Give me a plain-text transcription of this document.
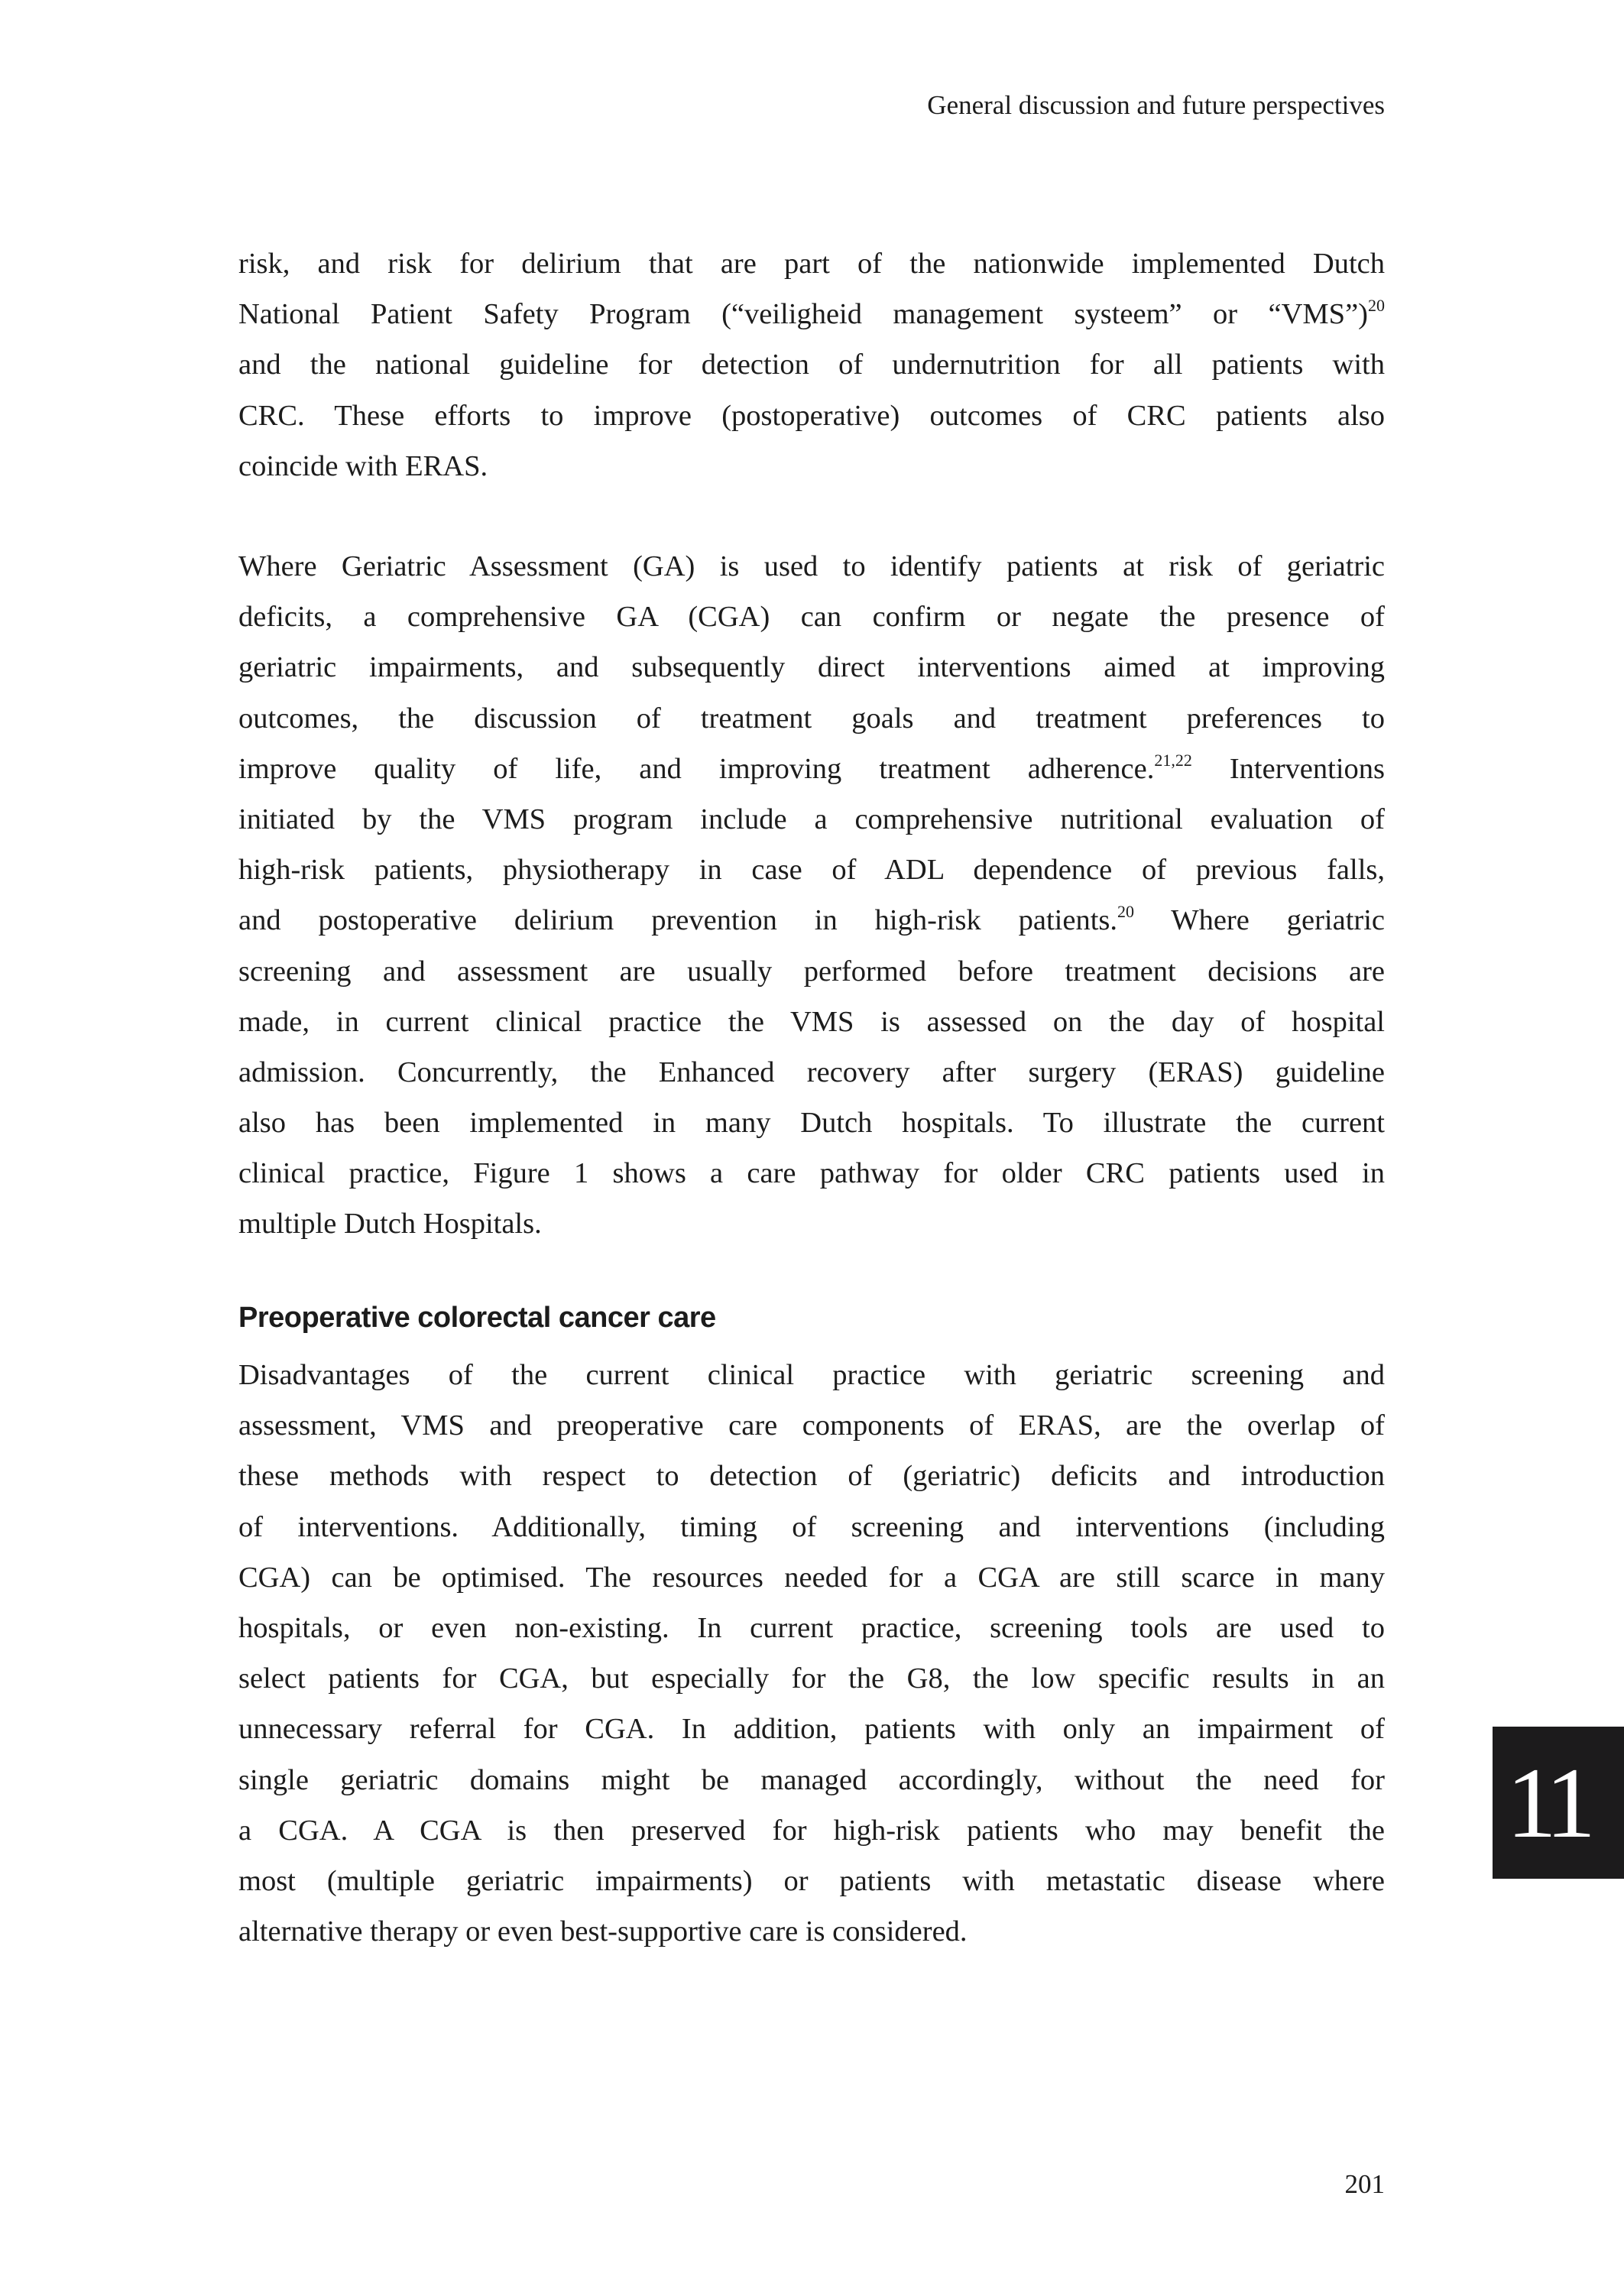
General discussion and future perspectives
risk, and risk for delirium that are part of the nationwide implemented Dutch
National Patient Safety Program (“veiligheid management systeem” or “VMS”)$^{20}$
and the national guideline for detection of undernutrition for all patients with
CRC. These efforts to improve (postoperative) outcomes of CRC patients also
coincide with ERAS.
Where Geriatric Assessment (GA) is used to identify patients at risk of geriatric
deficits, a comprehensive GA (CGA) can confirm or negate the presence of
geriatric impairments, and subsequently direct interventions aimed at improving
outcomes, the discussion of treatment goals and treatment preferences to
improve quality of life, and improving treatment adherence.$^{21,22}$ Interventions
initiated by the VMS program include a comprehensive nutritional evaluation of
high-risk patients, physiotherapy in case of ADL dependence of previous falls,
and postoperative delirium prevention in high-risk patients.$^{20}$ Where geriatric
screening and assessment are usually performed before treatment decisions are
made, in current clinical practice the VMS is assessed on the day of hospital
admission. Concurrently, the Enhanced recovery after surgery (ERAS) guideline
also has been implemented in many Dutch hospitals. To illustrate the current
clinical practice, Figure 1 shows a care pathway for older CRC patients used in
multiple Dutch Hospitals.
Preoperative colorectal cancer care
Disadvantages of the current clinical practice with geriatric screening and
assessment, VMS and preoperative care components of ERAS, are the overlap of
these methods with respect to detection of (geriatric) deficits and introduction
of interventions. Additionally, timing of screening and interventions (including
CGA) can be optimised. The resources needed for a CGA are still scarce in many
hospitals, or even non-existing. In current practice, screening tools are used to
select patients for CGA, but especially for the G8, the low specific results in an
unnecessary referral for CGA. In addition, patients with only an impairment of
single geriatric domains might be managed accordingly, without the need for
a CGA. A CGA is then preserved for high-risk patients who may benefit the
most (multiple geriatric impairments) or patients with metastatic disease where
alternative therapy or even best-supportive care is considered.
11
201
